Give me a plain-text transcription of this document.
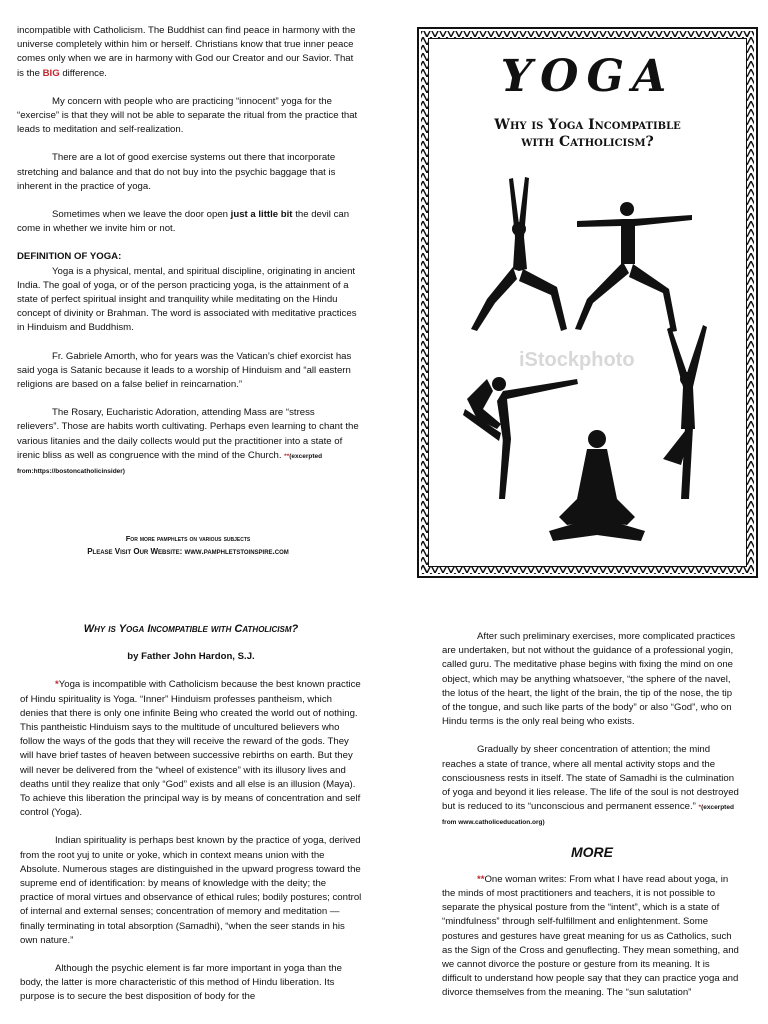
incompatible with Catholicism. The Buddhist can find peace in harmony with the universe completely within him or herself. Christians know that true inner peace comes only when we are in harmony with God our Creator and our Savior. That is the BIG difference.

My concern with people who are practicing “innocent” yoga for the “exercise” is that they will not be able to separate the ritual from the practice that leads to meditation and self-realization.

There are a lot of good exercise systems out there that incorporate stretching and balance and that do not buy into the psychic baggage that is inherent in the practice of yoga.

Sometimes when we leave the door open just a little bit the devil can come in whether we invite him or not.

DEFINITION OF YOGA:

Yoga is a physical, mental, and spiritual discipline, originating in ancient India. The goal of yoga, or of the person practicing yoga, is the attainment of a state of perfect spiritual insight and tranquility while meditating on the Hindu concept of divinity or Brahman. The word is associated with meditative practices in Hinduism and Buddhism.

Fr. Gabriele Amorth, who for years was the Vatican’s chief exorcist has said yoga is Satanic because it leads to a worship of Hinduism and “all eastern religions are based on a false belief in reincarnation.”

The Rosary, Eucharistic Adoration, attending Mass are “stress relievers”. Those are habits worth cultivating. Perhaps even learning to chant the various litanies and the daily collects would put the practitioner into a state of irenic bliss as well as congruence with the mind of the Church. **(excerpted from:https://bostoncatholicinsider)

For more pamphlets on various subjects
Please Visit Our Website: www.pamphletstoinspire.com
YOGA
Why is Yoga Incompatible
with Catholicism?
iStockphoto

Why is Yoga Incompatible with Catholicism?

by Father John Hardon, S.J.

*Yoga is incompatible with Catholicism because the best known practice of Hindu spirituality is Yoga. “Inner” Hinduism professes pantheism, which denies that there is only one infinite Being who created the world out of nothing. This pantheistic Hinduism says to the multitude of uncultured believers who follow the ways of the gods that they will receive the reward of the gods. They will have brief tastes of heaven between successive rebirths on earth. But they will never be delivered from the “wheel of existence” with its illusory lives and deaths until they realize that only “God” exists and all else is an illusion (Maya). To achieve this liberation the principal way is by means of concentration and self control (Yoga).

Indian spirituality is perhaps best known by the practice of yoga, derived from the root yuj to unite or yoke, which in context means union with the Absolute. Numerous stages are distinguished in the upward progress toward the supreme end of identification: by means of knowledge with the deity; the practice of moral virtues and observance of ethical rules; bodily postures; control of internal and external senses; concentration of memory and meditation — finally terminating in total absorption (Samadhi), “when the seer stands in his own nature.”

Although the psychic element is far more important in yoga than the body, the latter is more characteristic of this method of Hindu liberation. Its purpose is to secure the best disposition of body for the

After such preliminary exercises, more complicated practices are undertaken, but not without the guidance of a professional yogin, called guru. The meditative phase begins with fixing the mind on one object, which may be anything whatsoever, “the sphere of the navel, the lotus of the heart, the light of the brain, the tip of the nose, the tip of the tongue, and such like parts of the body” or also “God”, who on Hindu terms is the only real being who exists.

Gradually by sheer concentration of attention; the mind reaches a state of trance, where all mental activity stops and the consciousness rests in itself. The state of Samadhi is the culmination of yoga and beyond it lies release. The life of the soul is not destroyed but is reduced to its “unconscious and permanent essence.” *(excerpted from www.catholiceducation.org)

MORE

**One woman writes: From what I have read about yoga, in the minds of most practitioners and teachers, it is not possible to separate the physical posture from the “intent”, which is a state of “mindfulness” through self-fulfillment and enlightenment. Some postures and gestures have great meaning for us as Catholics, such as the Sign of the Cross and genuflecting. They mean something, and we cannot divorce the posture or gesture from its meaning. It is difficult to understand how people say that they can practice yoga and divorce themselves from the meaning. The “sun salutation”
